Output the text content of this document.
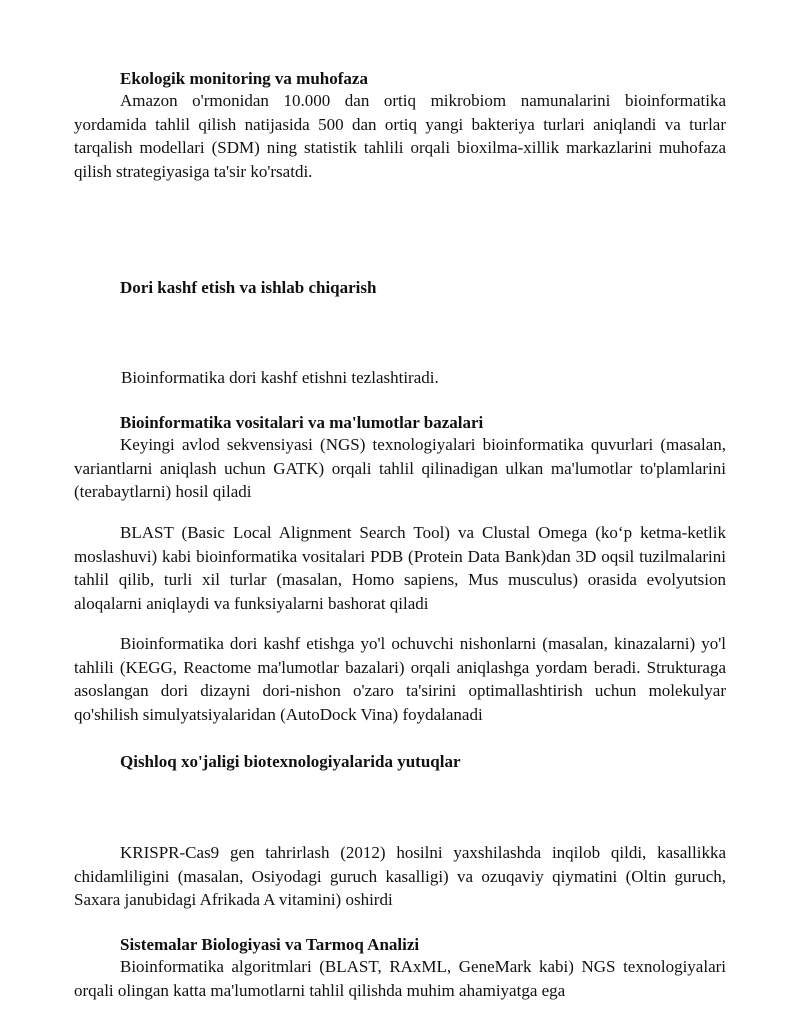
Ekologik monitoring va muhofaza
Amazon o'rmonidan 10.000 dan ortiq mikrobiom namunalarini bioinformatika yordamida tahlil qilish natijasida 500 dan ortiq yangi bakteriya turlari aniqlandi va turlar tarqalish modellari (SDM) ning statistik tahlili orqali bioxilma-xillik markazlarini muhofaza qilish strategiyasiga ta'sir ko'rsatdi.
Dori kashf etish va ishlab chiqarish
Bioinformatika dori kashf etishni tezlashtiradi.
Bioinformatika vositalari va ma'lumotlar bazalari
Keyingi avlod sekvensiyasi (NGS) texnologiyalari bioinformatika quvurlari (masalan, variantlarni aniqlash uchun GATK) orqali tahlil qilinadigan ulkan ma'lumotlar to'plamlarini (terabaytlarni) hosil qiladi
BLAST (Basic Local Alignment Search Tool) va Clustal Omega (ko‘p ketma-ketlik moslashuvi) kabi bioinformatika vositalari PDB (Protein Data Bank)dan 3D oqsil tuzilmalarini tahlil qilib, turli xil turlar (masalan, Homo sapiens, Mus musculus) orasida evolyutsion aloqalarni aniqlaydi va funksiyalarni bashorat qiladi
Bioinformatika dori kashf etishga yo'l ochuvchi nishonlarni (masalan, kinazalarni) yo'l tahlili (KEGG, Reactome ma'lumotlar bazalari) orqali aniqlashga yordam beradi. Strukturaga asoslangan dori dizayni dori-nishon o'zaro ta'sirini optimallashtirish uchun molekulyar qo'shilish simulyatsiyalaridan (AutoDock Vina) foydalanadi
Qishloq xo'jaligi biotexnologiyalarida yutuqlar
KRISPR-Cas9 gen tahrirlash (2012) hosilni yaxshilashda inqilob qildi, kasallikka chidamliligini (masalan, Osiyodagi guruch kasalligi) va ozuqaviy qiymatini (Oltin guruch, Saxara janubidagi Afrikada A vitamini) oshirdi
Sistemalar Biologiyasi va Tarmoq Analizi
Bioinformatika algoritmlari (BLAST, RAxML, GeneMark kabi) NGS texnologiyalari orqali olingan katta ma'lumotlarni tahlil qilishda muhim ahamiyatga ega
